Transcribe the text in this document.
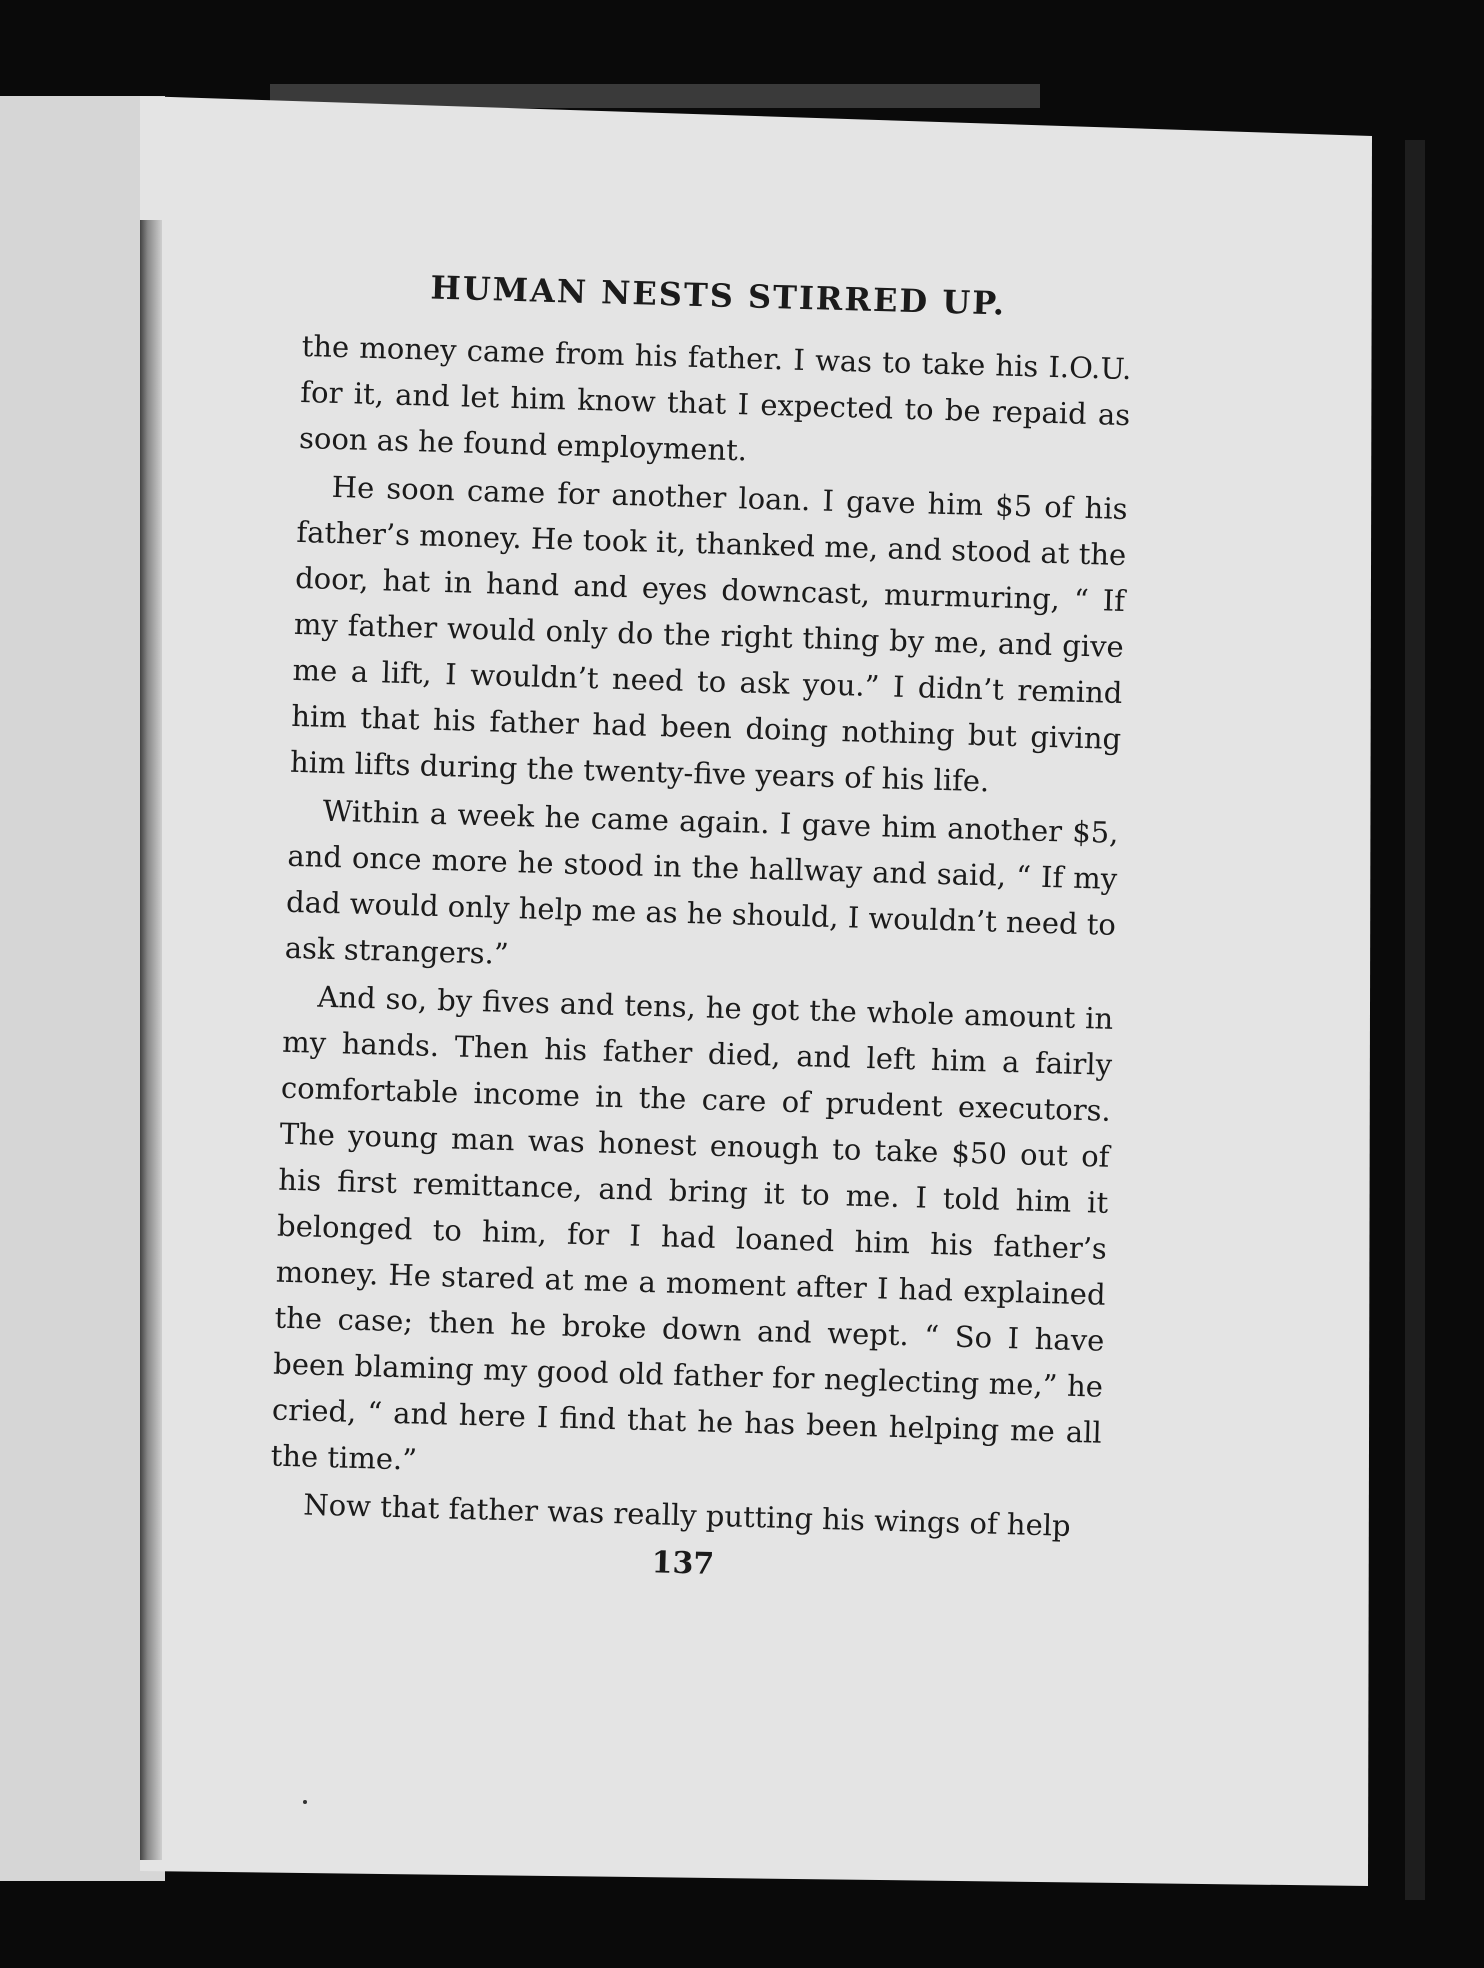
HUMAN NESTS STIRRED UP.

the money came from his father. I was to take his I.O.U. for it, and let him know that I expected to be repaid as soon as he found employment.

He soon came for another loan. I gave him $5 of his father’s money. He took it, thanked me, and stood at the door, hat in hand and eyes downcast, murmuring, “ If my father would only do the right thing by me, and give me a lift, I wouldn’t need to ask you.” I didn’t remind him that his father had been doing nothing but giving him lifts during the twenty-five years of his life.

Within a week he came again. I gave him another $5, and once more he stood in the hallway and said, “ If my dad would only help me as he should, I wouldn’t need to ask strangers.”

And so, by fives and tens, he got the whole amount in my hands. Then his father died, and left him a fairly comfortable income in the care of prudent executors. The young man was honest enough to take $50 out of his first remittance, and bring it to me. I told him it belonged to him, for I had loaned him his father’s money. He stared at me a moment after I had explained the case; then he broke down and wept. “ So I have been blaming my good old father for neglecting me,” he cried, “ and here I find that he has been helping me all the time.”

Now that father was really putting his wings of help

137
